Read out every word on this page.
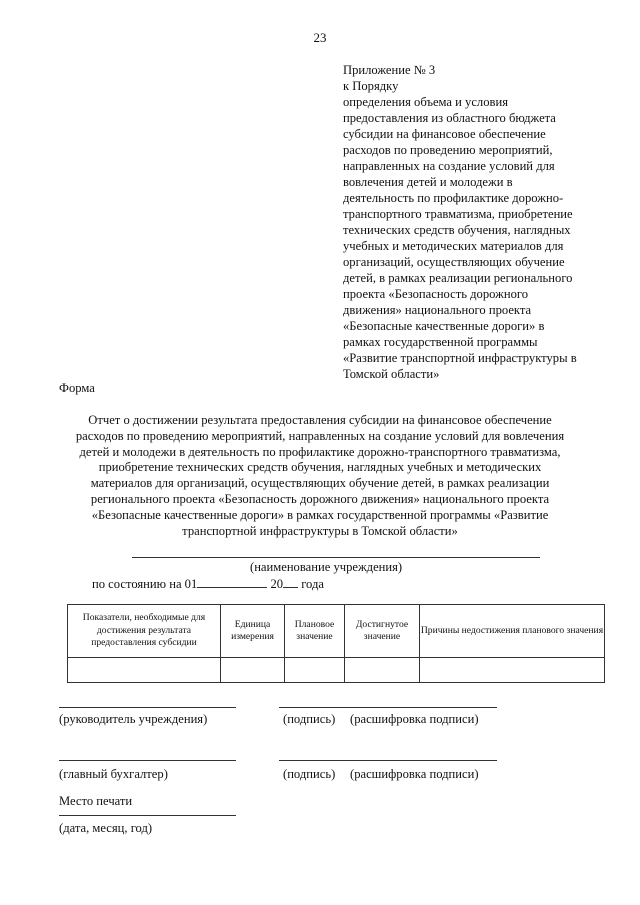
23
Приложение № 3
к Порядку
определения объема и условия
предоставления из областного бюджета
субсидии на финансовое обеспечение
расходов по проведению мероприятий,
направленных на создание условий для
вовлечения детей и молодежи в
деятельность по профилактике дорожно-
транспортного травматизма, приобретение
технических средств обучения, наглядных
учебных и методических материалов для
организаций, осуществляющих обучение
детей, в рамках реализации регионального
проекта «Безопасность дорожного
движения» национального проекта
«Безопасные качественные дороги» в
рамках государственной программы
«Развитие транспортной инфраструктуры в
Томской области»
Форма
Отчет о достижении результата предоставления субсидии на финансовое обеспечение
расходов по проведению мероприятий, направленных на создание условий для вовлечения
детей и молодежи в деятельность по профилактике дорожно-транспортного травматизма,
приобретение технических средств обучения, наглядных учебных и методических
материалов для организаций, осуществляющих обучение детей, в рамках реализации
регионального проекта «Безопасность дорожного движения» национального проекта
«Безопасные качественные дороги» в рамках государственной программы «Развитие
транспортной инфраструктуры в Томской области»
(наименование учреждения)
по состоянию на 01	20 года
Показатели, необходимые для достижения результата предоставления субсидии	Единица измерения	Плановое значение	Достигнутое значение	Причины недостижения планового значения

(руководитель учреждения)	(подпись) (расшифровка подписи)
(главный бухгалтер)	(подпись) (расшифровка подписи)
Место печати
(дата, месяц, год)
